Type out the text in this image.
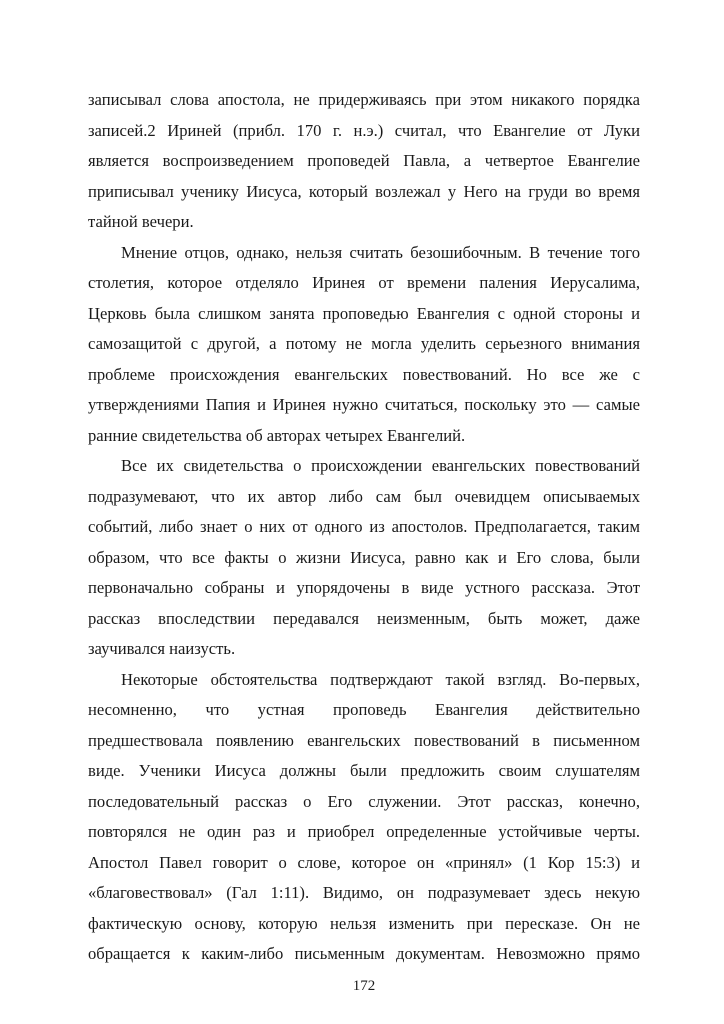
записывал слова апостола, не придерживаясь при этом никакого порядка
записей.2 Ириней (прибл. 170 г. н.э.) считал, что Евангелие от Луки
является воспроизведением проповедей Павла, а четвертое Евангелие
приписывал ученику Иисуса, который возлежал у Него на груди во время
тайной вечери.
Мнение отцов, однако, нельзя считать безошибочным. В течение того
столетия, которое отделяло Иринея от времени паления Иерусалима,
Церковь была слишком занята проповедью Евангелия с одной стороны и
самозащитой с другой, а потому не могла уделить серьезного внимания
проблеме происхождения евангельских повествований. Но все же с
утверждениями Папия и Иринея нужно считаться, поскольку это — самые
ранние свидетельства об авторах четырех Евангелий.
Все их свидетельства о происхождении евангельских повествований
подразумевают, что их автор либо сам был очевидцем описываемых
событий, либо знает о них от одного из апостолов. Предполагается, таким
образом, что все факты о жизни Иисуса, равно как и Его слова, были
первоначально собраны и упорядочены в виде устного рассказа. Этот
рассказ впоследствии передавался неизменным, быть может, даже
заучивался наизусть.
Некоторые обстоятельства подтверждают такой взгляд. Во-первых,
несомненно, что устная проповедь Евангелия действительно
предшествовала появлению евангельских повествований в письменном
виде. Ученики Иисуса должны были предложить своим слушателям
последовательный рассказ о Его служении. Этот рассказ, конечно,
повторялся не один раз и приобрел определенные устойчивые черты.
Апостол Павел говорит о слове, которое он «принял» (1 Кор 15:3) и
«благовествовал» (Гал 1:11). Видимо, он подразумевает здесь некую
фактическую основу, которую нельзя изменить при пересказе. Он не
обращается к каким-либо письменным документам. Невозможно прямо
172
